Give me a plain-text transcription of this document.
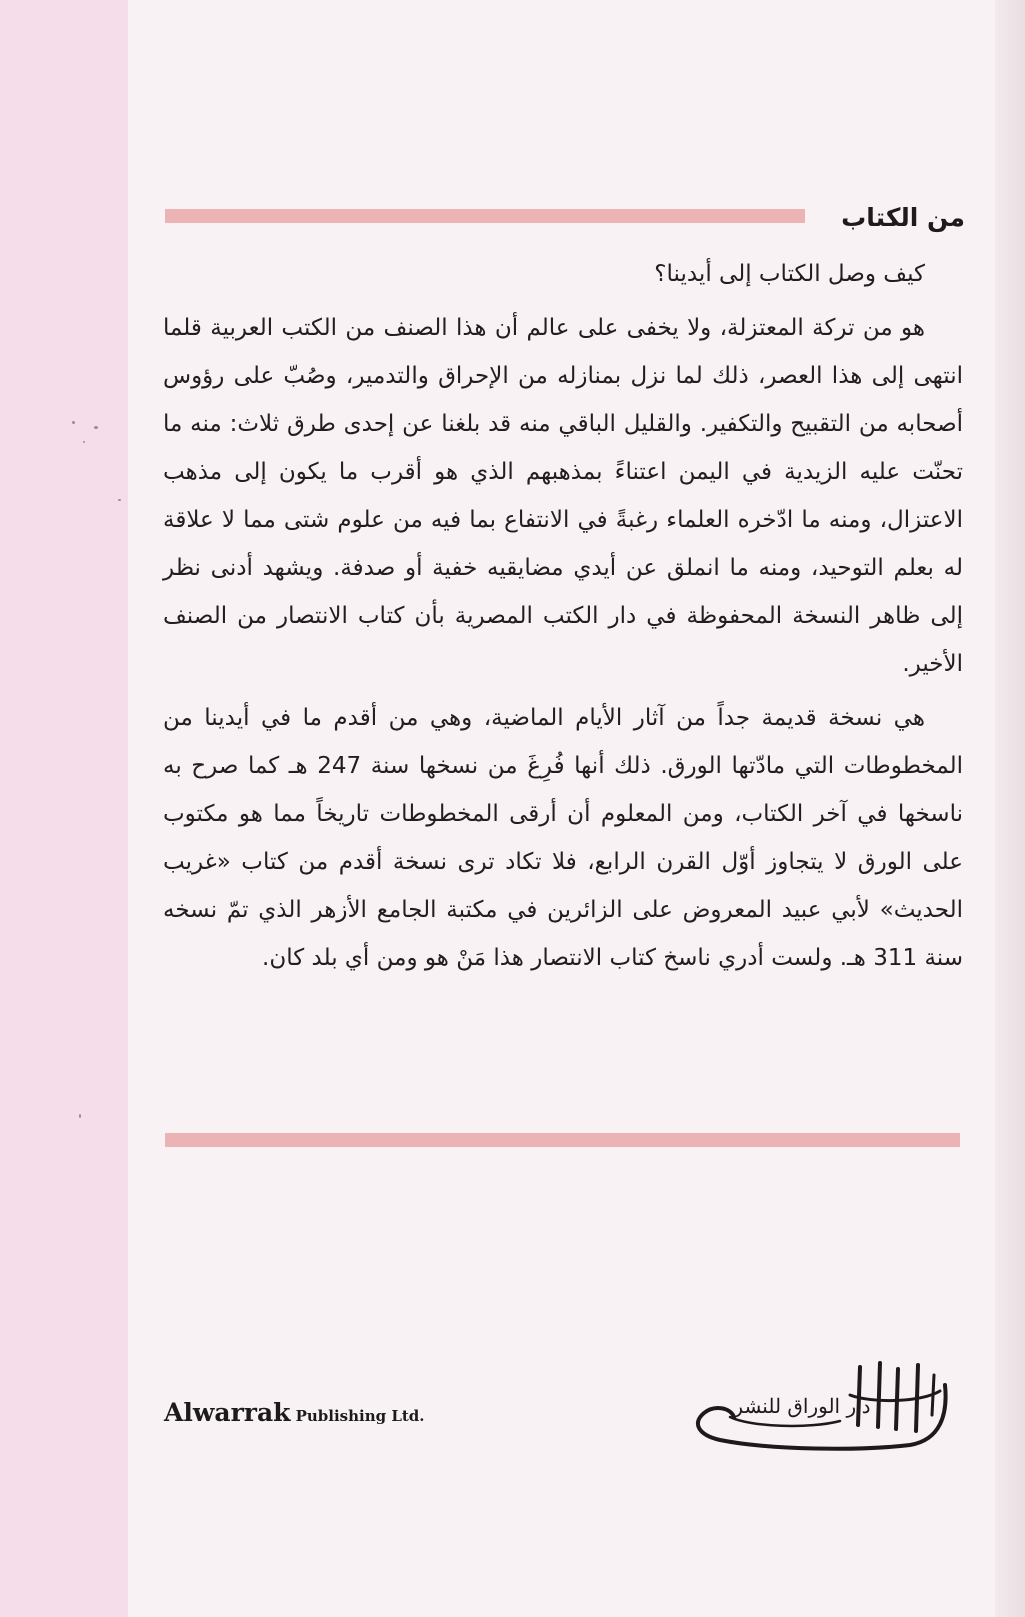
من الكتاب

كيف وصل الكتاب إلى أيدينا؟

هو من تركة المعتزلة، ولا يخفى على عالم أن هذا الصنف من الكتب العربية قلما انتهى إلى هذا العصر، ذلك لما نزل بمنازله من الإحراق والتدمير، وصُبّ على رؤوس أصحابه من التقبيح والتكفير. والقليل الباقي منه قد بلغنا عن إحدى طرق ثلاث: منه ما تحنّت عليه الزيدية في اليمن اعتناءً بمذهبهم الذي هو أقرب ما يكون إلى مذهب الاعتزال، ومنه ما ادّخره العلماء رغبةً في الانتفاع بما فيه من علوم شتى مما لا علاقة له بعلم التوحيد، ومنه ما انملق عن أيدي مضايقيه خفية أو صدفة. ويشهد أدنى نظر إلى ظاهر النسخة المحفوظة في دار الكتب المصرية بأن كتاب الانتصار من الصنف الأخير.

هي نسخة قديمة جداً من آثار الأيام الماضية، وهي من أقدم ما في أيدينا من المخطوطات التي مادّتها الورق. ذلك أنها فُرِغَ من نسخها سنة 247 هـ كما صرح به ناسخها في آخر الكتاب، ومن المعلوم أن أرقى المخطوطات تاريخاً مما هو مكتوب على الورق لا يتجاوز أوّل القرن الرابع، فلا تكاد ترى نسخة أقدم من كتاب «غريب الحديث» لأبي عبيد المعروض على الزائرين في مكتبة الجامع الأزهر الذي تمّ نسخه سنة 311 هـ. ولست أدري ناسخ كتاب الانتصار هذا مَنْ هو ومن أي بلد كان.

Alwarrak Publishing Ltd.	دار الوراق للنشر
